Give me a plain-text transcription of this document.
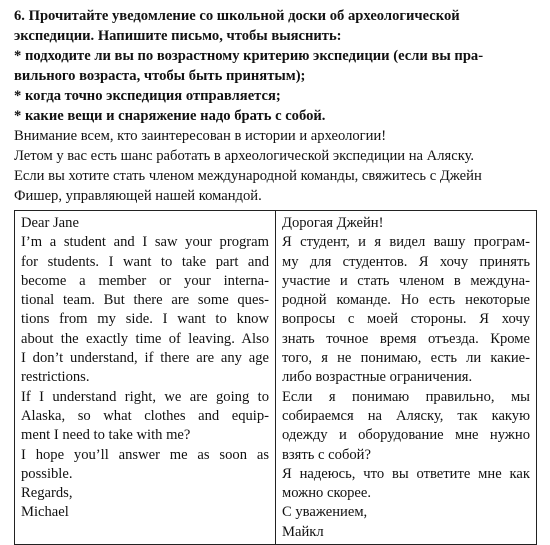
6. Прочитайте уведомление со школьной доски об археологической
экспедиции. Напишите письмо, чтобы выяснить:
* подходите ли вы по возрастному критерию экспедиции (если вы пра-
вильного возраста, чтобы быть принятым);
* когда точно экспедиция отправляется;
* какие вещи и снаряжение надо брать с собой.

Внимание всем, кто заинтересован в истории и археологии!
Летом у вас есть шанс работать в археологической экспедиции на Аляску.
Если вы хотите стать членом международной команды, свяжитесь с Джейн
Фишер, управляющей нашей командой.

Dear Jane
I’m a student and I saw your program
for students. I want to take part and
become a member or your interna-
tional team. But there are some ques-
tions from my side. I want to know
about the exactly time of leaving. Also
I don’t understand, if there are any age
restrictions.
If I understand right, we are going to
Alaska, so what clothes and equip-
ment I need to take with me?
I hope you’ll answer me as soon as
possible.
Regards,
Michael

Дорогая Джейн!
Я студент, и я видел вашу програм-
му для студентов. Я хочу принять
участие и стать членом в междуна-
родной команде. Но есть некоторые
вопросы с моей стороны. Я хочу
знать точное время отъезда. Кроме
того, я не понимаю, есть ли какие-
либо возрастные ограничения.
Если я понимаю правильно, мы
собираемся на Аляску, так какую
одежду и оборудование мне нужно
взять с собой?
Я надеюсь, что вы ответите мне как
можно скорее.
С уважением,
Майкл
